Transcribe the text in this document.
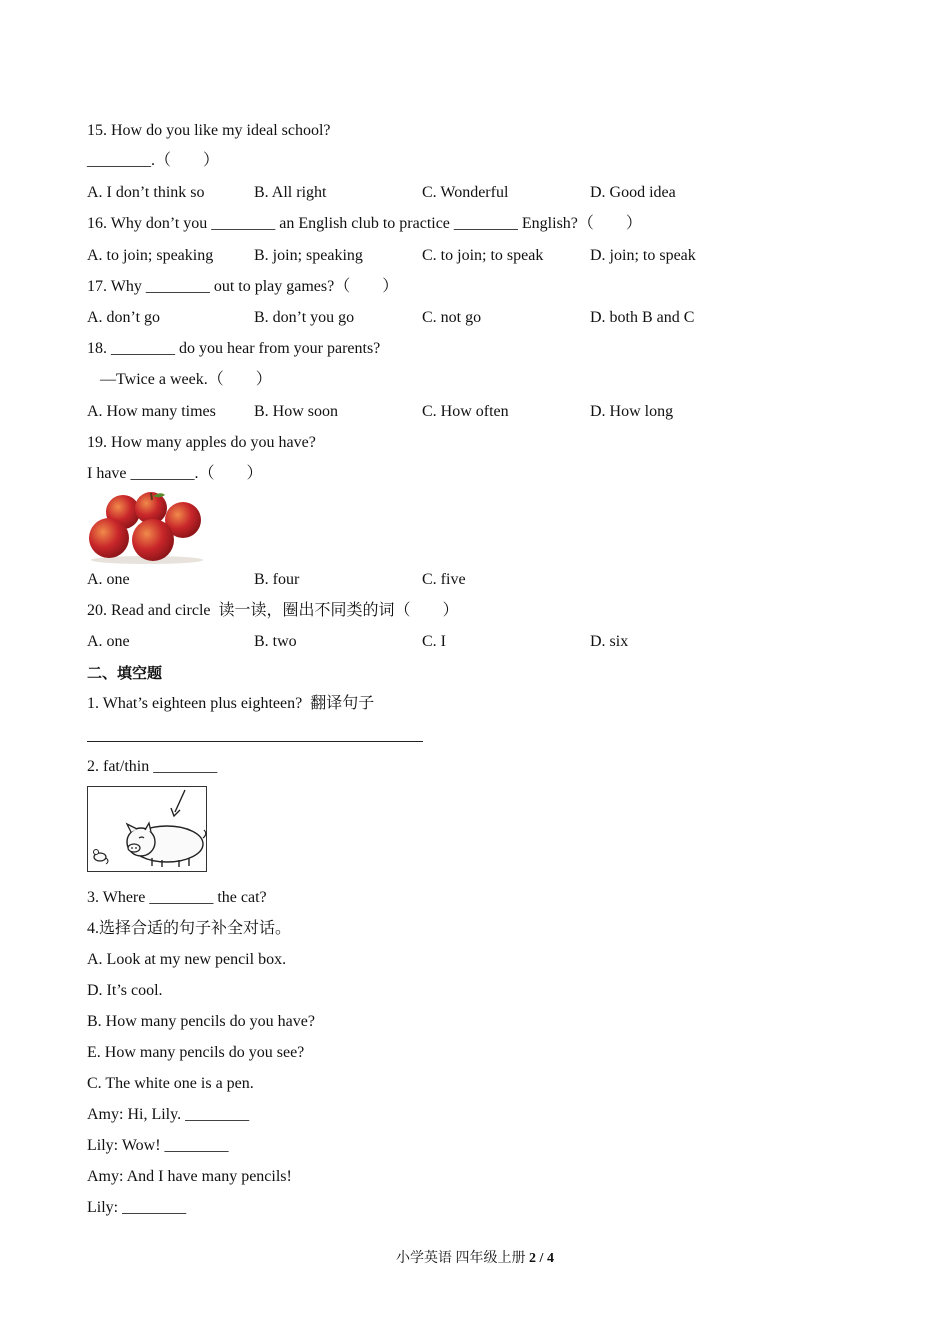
15. How do you like my ideal school?
________.（　　）
A. I don’t think so	B. All right	C. Wonderful	D. Good idea
16. Why don’t you ________ an English club to practice ________ English?（　　）
A. to join; speaking	B. join; speaking	C. to join; to speak	D. join; to speak
17. Why ________ out to play games?（　　）
A. don’t go	B. don’t you go	C. not go	D. both B and C
18. ________ do you hear from your parents?
—Twice a week.（　　）
A. How many times B. How soon	C. How often	D. How long
19. How many apples do you have?
I have ________.（　　）
A. one	B. four	C. five
20. Read and circle  读一读，圈出不同类的词（　　）
A. one	B. two	C. I	D. six
二、填空题
1. What’s eighteen plus eighteen?  翻译句子
2. fat/thin ________
3. Where ________ the cat?
4.选择合适的句子补全对话。
A. Look at my new pencil box.
D. It’s cool.
B. How many pencils do you have?
E. How many pencils do you see?
C. The white one is a pen.
Amy: Hi, Lily. ________
Lily: Wow! ________
Amy: And I have many pencils!
Lily: ________
小学英语 四年级上册 2 / 4
